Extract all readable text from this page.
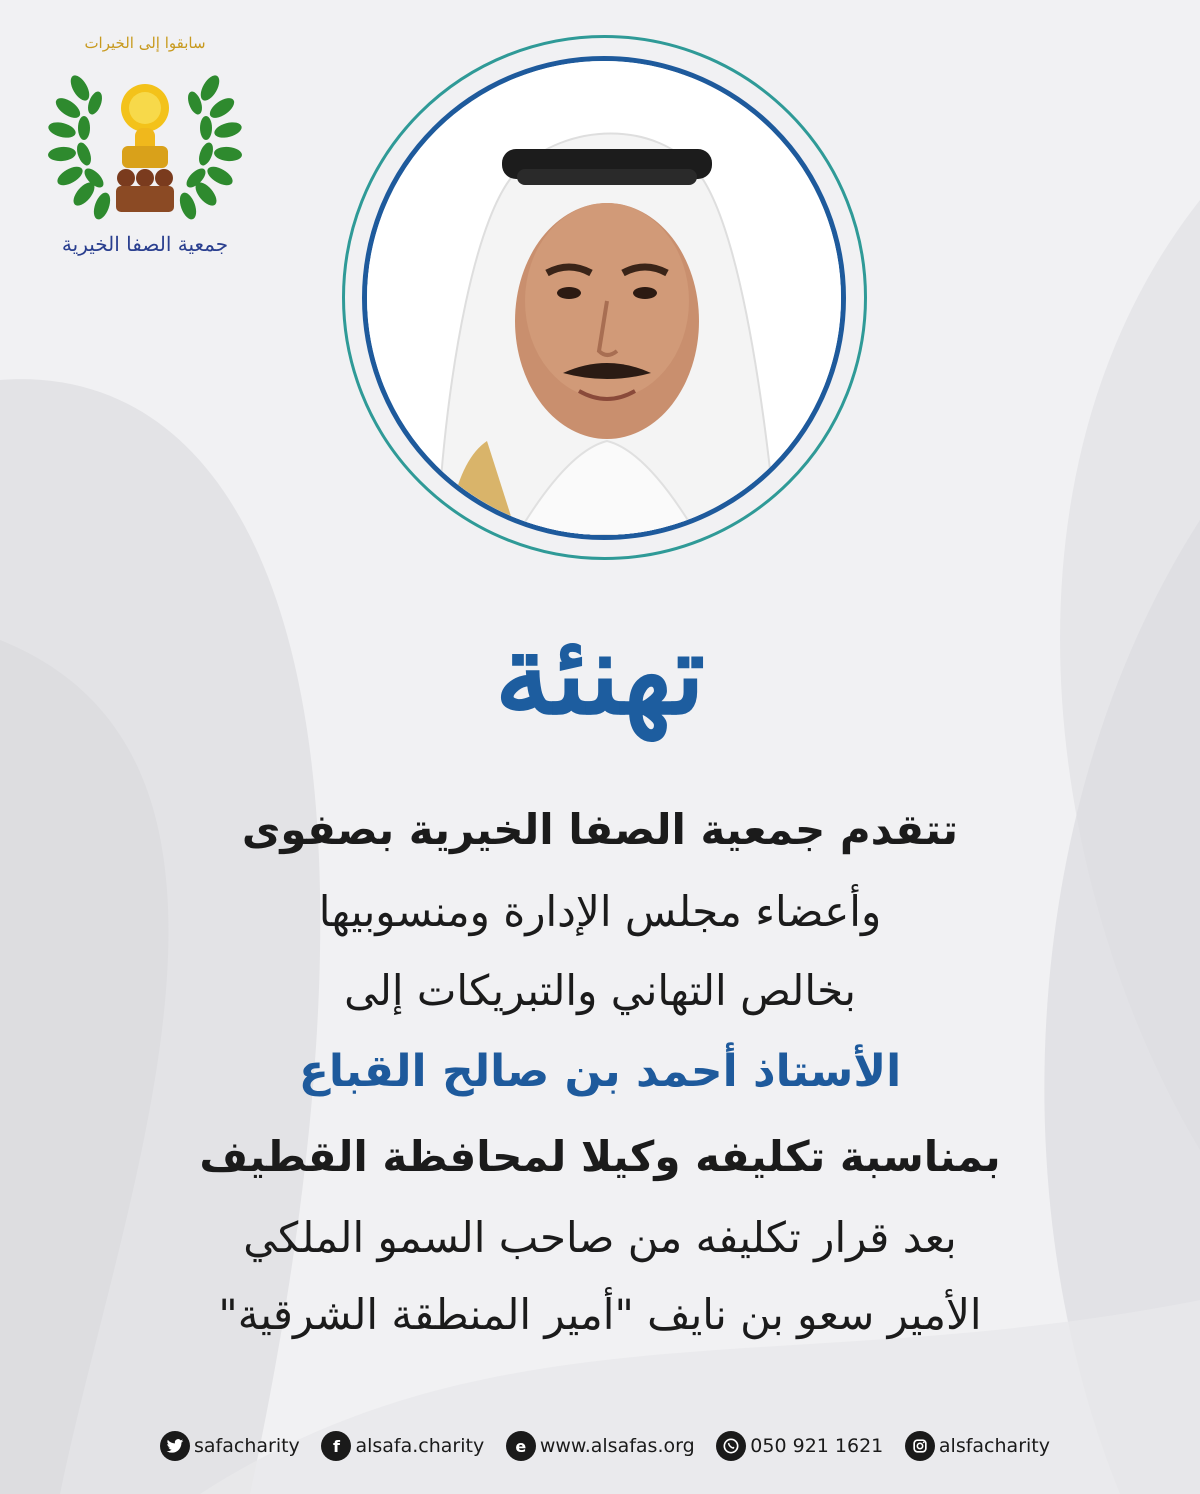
سابقوا إلى الخيرات
جمعية الصفا الخيرية
تهنئة
تتقدم جمعية الصفا الخيرية بصفوى
وأعضاء مجلس الإدارة ومنسوبيها
بخالص التهاني والتبريكات إلى
الأستاذ أحمد بن صالح القباع
بمناسبة تكليفه وكيلا لمحافظة القطيف
بعد قرار تكليفه من صاحب السمو الملكي
الأمير سعو بن نايف "أمير المنطقة الشرقية"
safacharity	f alsafa.charity	e www.alsafas.org	050 921 1621	alsfacharity
